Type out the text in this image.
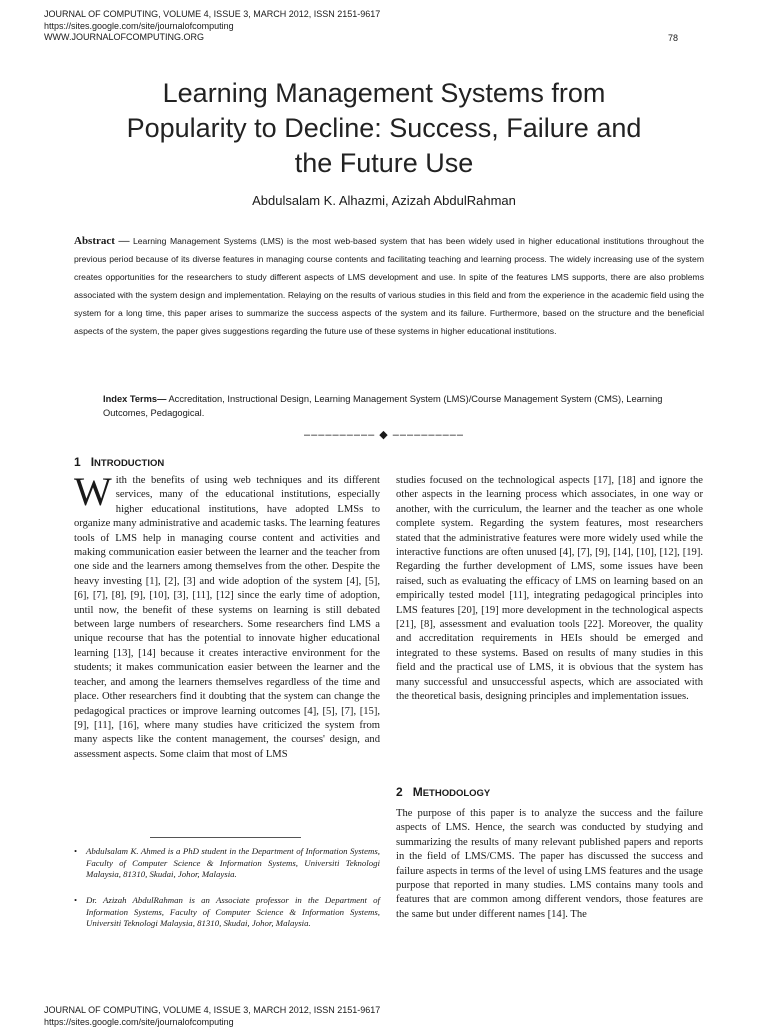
JOURNAL OF COMPUTING, VOLUME 4, ISSUE 3, MARCH 2012, ISSN 2151-9617
https://sites.google.com/site/journalofcomputing
WWW.JOURNALOFCOMPUTING.ORG	78
Learning Management Systems from
Popularity to Decline: Success, Failure and
the Future Use
Abdulsalam K. Alhazmi, Azizah AbdulRahman
Abstract — Learning Management Systems (LMS) is the most web-based system that has been widely used in higher educational institutions throughout the previous period because of its diverse features in managing course contents and facilitating teaching and learning process. The widely increasing use of the system creates opportunities for the researchers to study different aspects of LMS development and use. In spite of the features LMS supports, there are also problems associated with the system design and implementation. Relaying on the results of various studies in this field and from the experience in the academic field using the system for a long time, this paper arises to summarize the success aspects of the system and its failure. Furthermore, based on the structure and the beneficial aspects of the system, the paper gives suggestions regarding the future use of these systems in higher educational institutions.
Index Terms— Accreditation, Instructional Design, Learning Management System (LMS)/Course Management System (CMS), Learning Outcomes, Pedagogical.
–––––––––– ◆ ––––––––––
1 INTRODUCTION

With the benefits of using web techniques and its different services, many of the educational institutions, especially higher educational institutions, have adopted LMSs to organize many administrative and academic tasks. The learning features tools of LMS help in managing course content and activities and making communication easier between the learner and the teacher from one side and the learners among themselves from the other. Despite the heavy investing [1], [2], [3] and wide adoption of the system [4], [5], [6], [7], [8], [9], [10], [3], [11], [12] since the early time of adoption, until now, the benefit of these systems on learning is still debated between large numbers of researchers. Some researchers find LMS a unique recourse that has the potential to innovate higher educational learning [13], [14] because it creates interactive environment for the students; it makes communication easier between the learner and the teacher, and among the learners themselves regardless of the time and place. Other researchers find it doubting that the system can change the pedagogical practices or improve learning outcomes [4], [5], [7], [15], [9], [11], [16], where many studies have criticized the system from many aspects like the content management, the courses' design, and assessment aspects. Some claim that most of LMS

• Abdulsalam K. Ahmed is a PhD student in the Department of Information Systems, Faculty of Computer Science & Information Systems, Universiti Teknologi Malaysia, 81310, Skudai, Johor, Malaysia.
• Dr. Azizah AbdulRahman is an Associate professor in the Department of Information Systems, Faculty of Computer Science & Information Systems, Universiti Teknologi Malaysia, 81310, Skudai, Johor, Malaysia.

studies focused on the technological aspects [17], [18] and ignore the other aspects in the learning process which associates, in one way or another, with the curriculum, the learner and the teacher as one whole complete system. Regarding the system features, most researchers stated that the administrative features were more widely used while the interactive functions are often unused [4], [7], [9], [14], [10], [12], [19]. Regarding the further development of LMS, some issues have been raised, such as evaluating the efficacy of LMS on learning based on an empirically tested model [11], integrating pedagogical principles into LMS features [20], [19] more development in the technological aspects [21], [8], assessment and evaluation tools [22]. Moreover, the quality and accreditation requirements in HEIs should be emerged and integrated to these systems. Based on results of many studies in this field and the practical use of LMS, it is obvious that the system has many successful and unsuccessful aspects, which are associated with the theoretical basis, designing principles and implementation issues.

2 METHODOLOGY

The purpose of this paper is to analyze the success and the failure aspects of LMS. Hence, the search was conducted by studying and summarizing the results of many relevant published papers and reports in the field of LMS/CMS. The paper has discussed the success and failure aspects in terms of the level of using LMS features and the usage purpose that reported in many studies. LMS contains many tools and features that are common among different vendors, those features are the same but under different names [14]. The

JOURNAL OF COMPUTING, VOLUME 4, ISSUE 3, MARCH 2012, ISSN 2151-9617
https://sites.google.com/site/journalofcomputing
